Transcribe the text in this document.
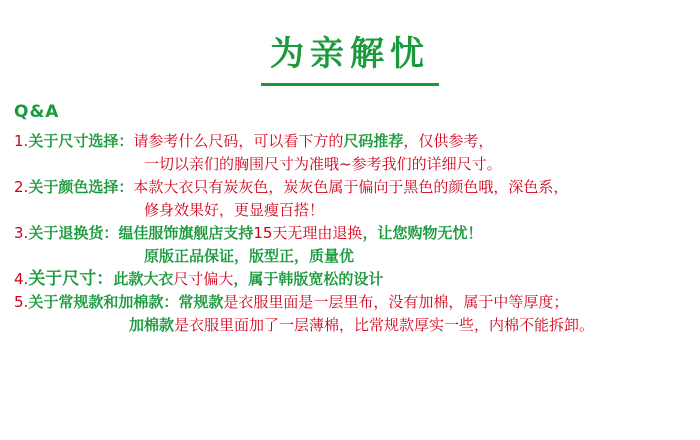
为亲解忧
Q&A
1.关于尺寸选择：请参考什么尺码，可以看下方的尺码推荐，仅供参考，
一切以亲们的胸围尺寸为准哦~参考我们的详细尺寸。
2.关于颜色选择：本款大衣只有炭灰色，炭灰色属于偏向于黑色的颜色哦，深色系，
修身效果好，更显瘦百搭！
3.关于退换货：缊佳服饰旗舰店支持15天无理由退换，让您购物无忧！
原版正品保证，版型正，质量优
4.关于尺寸：此款大衣尺寸偏大，属于韩版宽松的设计
5.关于常规款和加棉款：常规款是衣服里面是一层里布，没有加棉，属于中等厚度；
加棉款是衣服里面加了一层薄棉，比常规款厚实一些，内棉不能拆卸。
